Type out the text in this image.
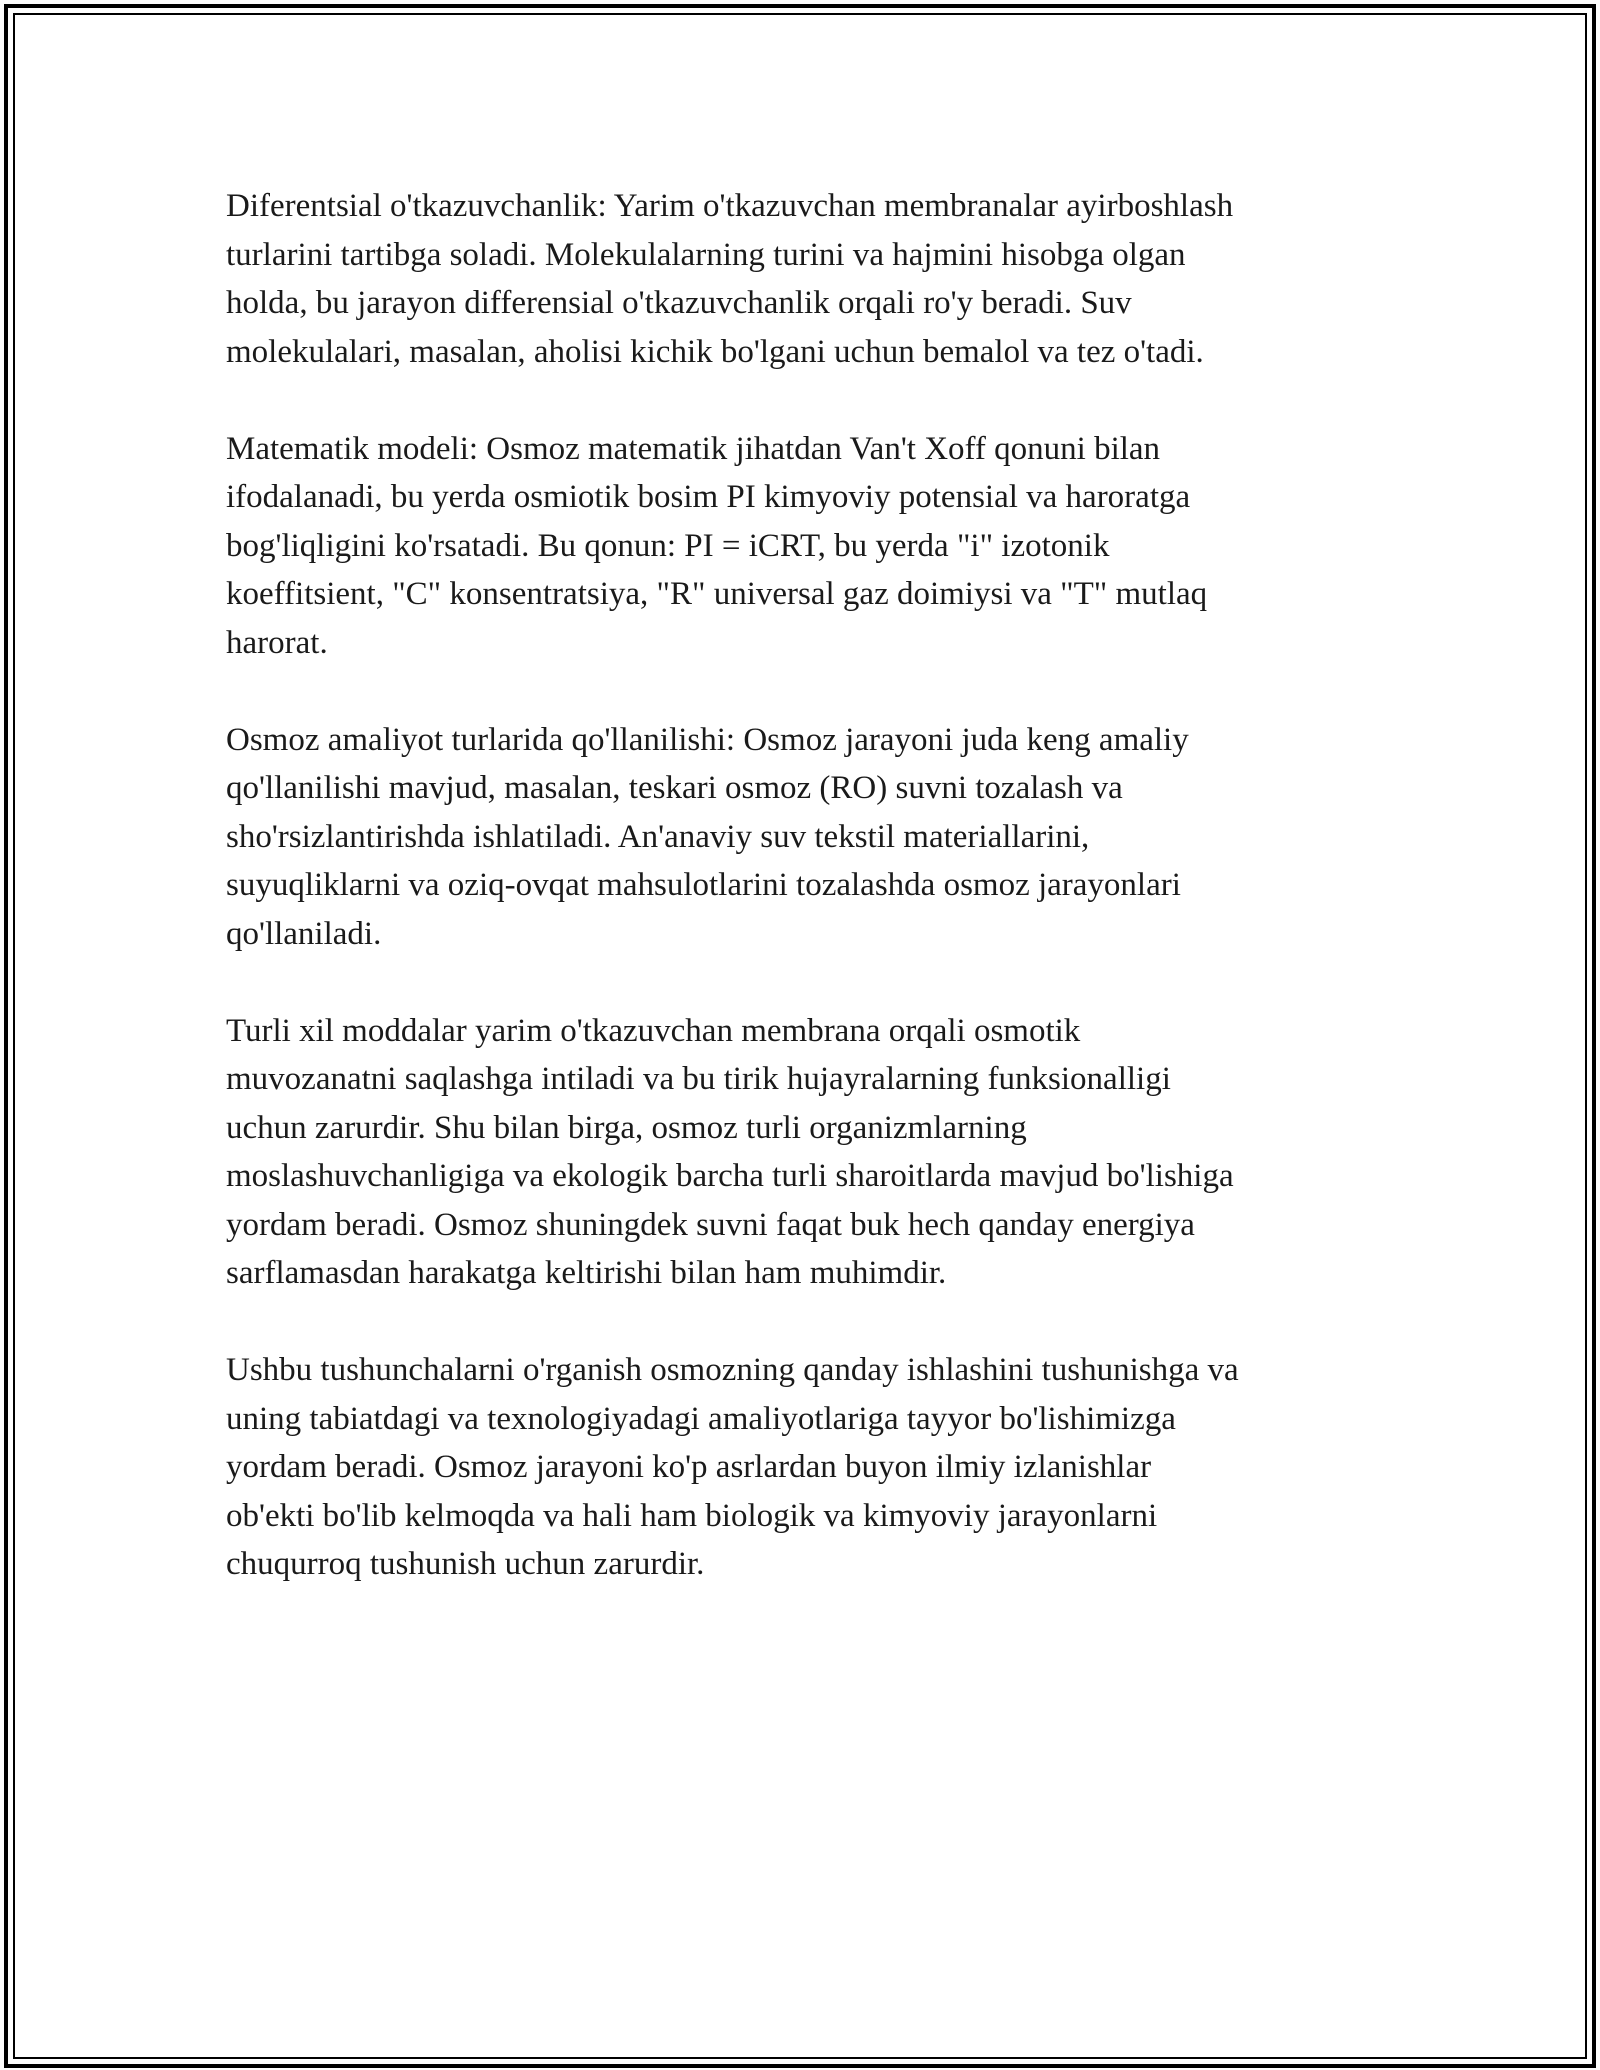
Diferentsial o'tkazuvchanlik: Yarim o'tkazuvchan membranalar ayirboshlash
turlarini tartibga soladi. Molekulalarning turini va hajmini hisobga olgan
holda, bu jarayon differensial o'tkazuvchanlik orqali ro'y beradi. Suv
molekulalari, masalan, aholisi kichik bo'lgani uchun bemalol va tez o'tadi.

Matematik modeli: Osmoz matematik jihatdan Van't Xoff qonuni bilan
ifodalanadi, bu yerda osmiotik bosim PI kimyoviy potensial va haroratga
bog'liqligini ko'rsatadi. Bu qonun: PI = iCRT, bu yerda "i" izotonik
koeffitsient, "C" konsentratsiya, "R" universal gaz doimiysi va "T" mutlaq
harorat.

Osmoz amaliyot turlarida qo'llanilishi: Osmoz jarayoni juda keng amaliy
qo'llanilishi mavjud, masalan, teskari osmoz (RO) suvni tozalash va
sho'rsizlantirishda ishlatiladi. An'anaviy suv tekstil materiallarini,
suyuqliklarni va oziq-ovqat mahsulotlarini tozalashda osmoz jarayonlari
qo'llaniladi.

Turli xil moddalar yarim o'tkazuvchan membrana orqali osmotik
muvozanatni saqlashga intiladi va bu tirik hujayralarning funksionalligi
uchun zarurdir. Shu bilan birga, osmoz turli organizmlarning
moslashuvchanligiga va ekologik barcha turli sharoitlarda mavjud bo'lishiga
yordam beradi. Osmoz shuningdek suvni faqat buk hech qanday energiya
sarflamasdan harakatga keltirishi bilan ham muhimdir.

Ushbu tushunchalarni o'rganish osmozning qanday ishlashini tushunishga va
uning tabiatdagi va texnologiyadagi amaliyotlariga tayyor bo'lishimizga
yordam beradi. Osmoz jarayoni ko'p asrlardan buyon ilmiy izlanishlar
ob'ekti bo'lib kelmoqda va hali ham biologik va kimyoviy jarayonlarni
chuqurroq tushunish uchun zarurdir.
